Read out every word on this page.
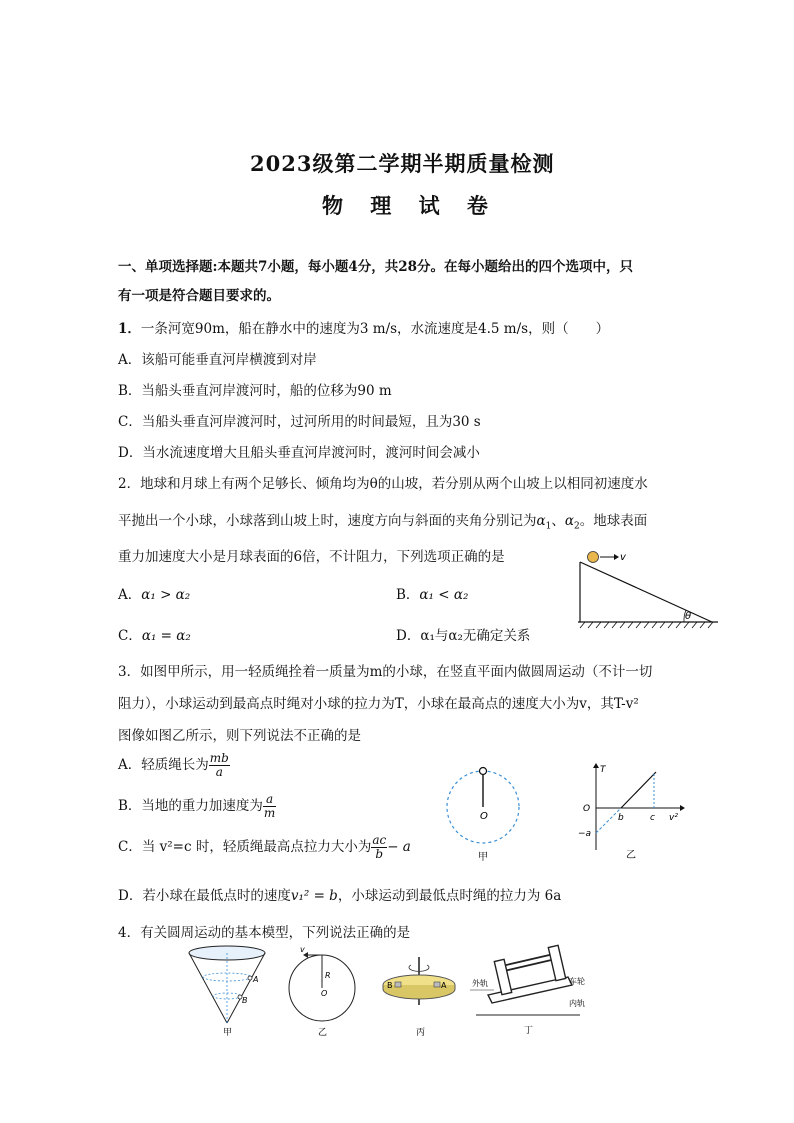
2023级第二学期半期质量检测
物 理 试 卷
一、单项选择题:本题共7小题，每小题4分，共28分。在每小题给出的四个选项中，只
有一项是符合题目要求的。
1．一条河宽90m，船在静水中的速度为3 m/s，水流速度是4.5 m/s，则（　　）
A．该船可能垂直河岸横渡到对岸
B．当船头垂直河岸渡河时，船的位移为90 m
C．当船头垂直河岸渡河时，过河所用的时间最短，且为30 s
D．当水流速度增大且船头垂直河岸渡河时，渡河时间会减小
2．地球和月球上有两个足够长、倾角均为θ的山坡，若分别从两个山坡上以相同初速度水
平抛出一个小球，小球落到山坡上时，速度方向与斜面的夹角分别记为$\alpha_1$、$\alpha_2$。地球表面
重力加速度大小是月球表面的6倍，不计阻力，下列选项正确的是
A．α₁ > α₂	B．α₁ < α₂
C．α₁ = α₂	D．α₁与α₂无确定关系
v
θ
3．如图甲所示，用一轻质绳拴着一质量为m的小球，在竖直平面内做圆周运动（不计一切
阻力），小球运动到最高点时绳对小球的拉力为T，小球在最高点的速度大小为v，其T-v²
图像如图乙所示，则下列说法不正确的是
A．轻质绳长为 $\frac{mb}{a}$
B．当地的重力加速度为 $\frac{a}{m}$
C．当 v²=c 时，轻质绳最高点拉力大小为 $\frac{ac}{b} - a$
D．若小球在最低点时的速度v₁² = b，小球运动到最低点时绳的拉力为 6a
O
甲
T
O
−a
b	c v²
乙
4．有关圆周运动的基本模型，下列说法正确的是
A
B
甲
v
R
O
乙
B	A
丙
外轨	车轮
内轨
丁
